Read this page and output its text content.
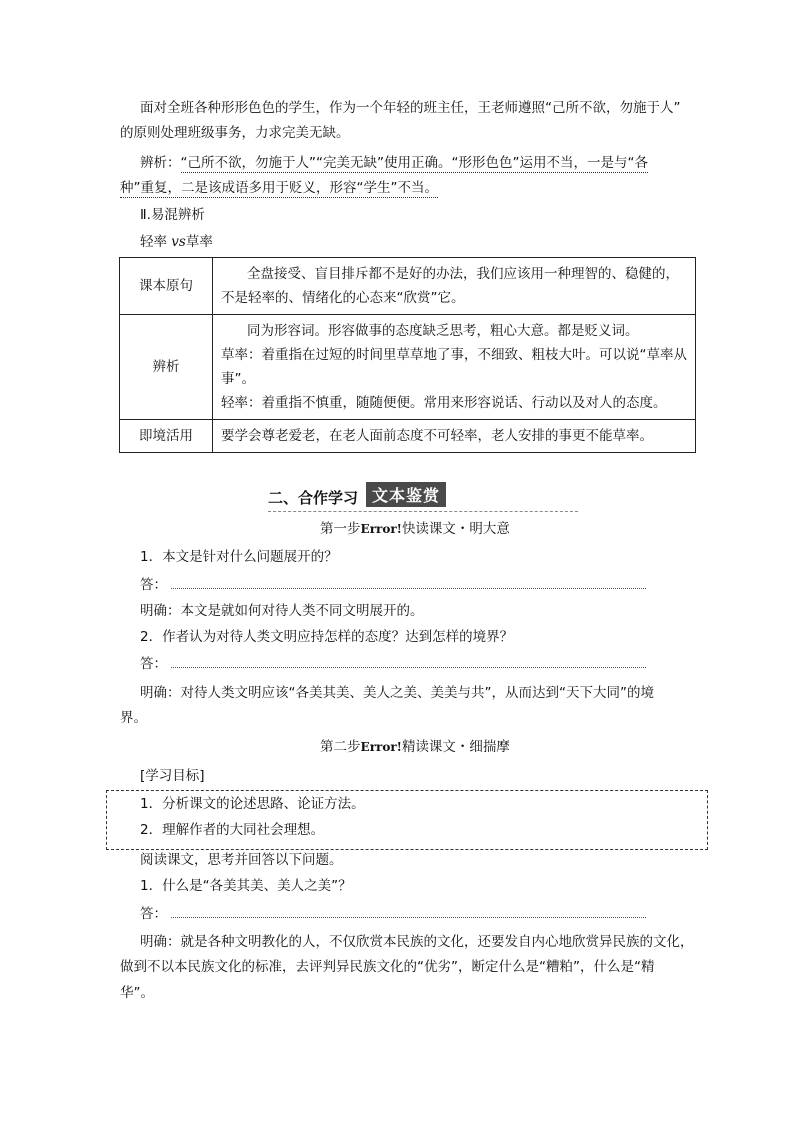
面对全班各种形形色色的学生，作为一个年轻的班主任，王老师遵照“己所不欲，勿施于人”
的原则处理班级事务，力求完美无缺。
辨析：“己所不欲，勿施于人”“完美无缺”使用正确。“形形色色”运用不当，一是与“各
种”重复，二是该成语多用于贬义，形容“学生”不当。
Ⅱ.易混辨析
轻率 vs草率
课本原句	全盘接受、盲目排斥都不是好的办法，我们应该用一种理智的、稳健的，不是轻率的、情绪化的心态来“欣赏”它。
辨析	同为形容词。形容做事的态度缺乏思考，粗心大意。都是贬义词。
草率：着重指在过短的时间里草草地了事，不细致、粗枝大叶。可以说“草率从事”。
轻率：着重指不慎重，随随便便。常用来形容说话、行动以及对人的态度。

即境活用	要学会尊老爱老，在老人面前态度不可轻率，老人安排的事更不能草率。
二、合作学习 文本鉴赏
第一步Error!快读课文・明大意
1．本文是针对什么问题展开的？
答：
明确：本文是就如何对待人类不同文明展开的。
2．作者认为对待人类文明应持怎样的态度？达到怎样的境界？
答：
明确：对待人类文明应该“各美其美、美人之美、美美与共”，从而达到“天下大同”的境
界。
第二步Error!精读课文・细揣摩
[学习目标]
1．分析课文的论述思路、论证方法。
2．理解作者的大同社会理想。
阅读课文，思考并回答以下问题。
1．什么是“各美其美、美人之美”？
答：
明确：就是各种文明教化的人，不仅欣赏本民族的文化，还要发自内心地欣赏异民族的文化，
做到不以本民族文化的标准，去评判异民族文化的“优劣”，断定什么是“糟粕”，什么是“精
华”。
